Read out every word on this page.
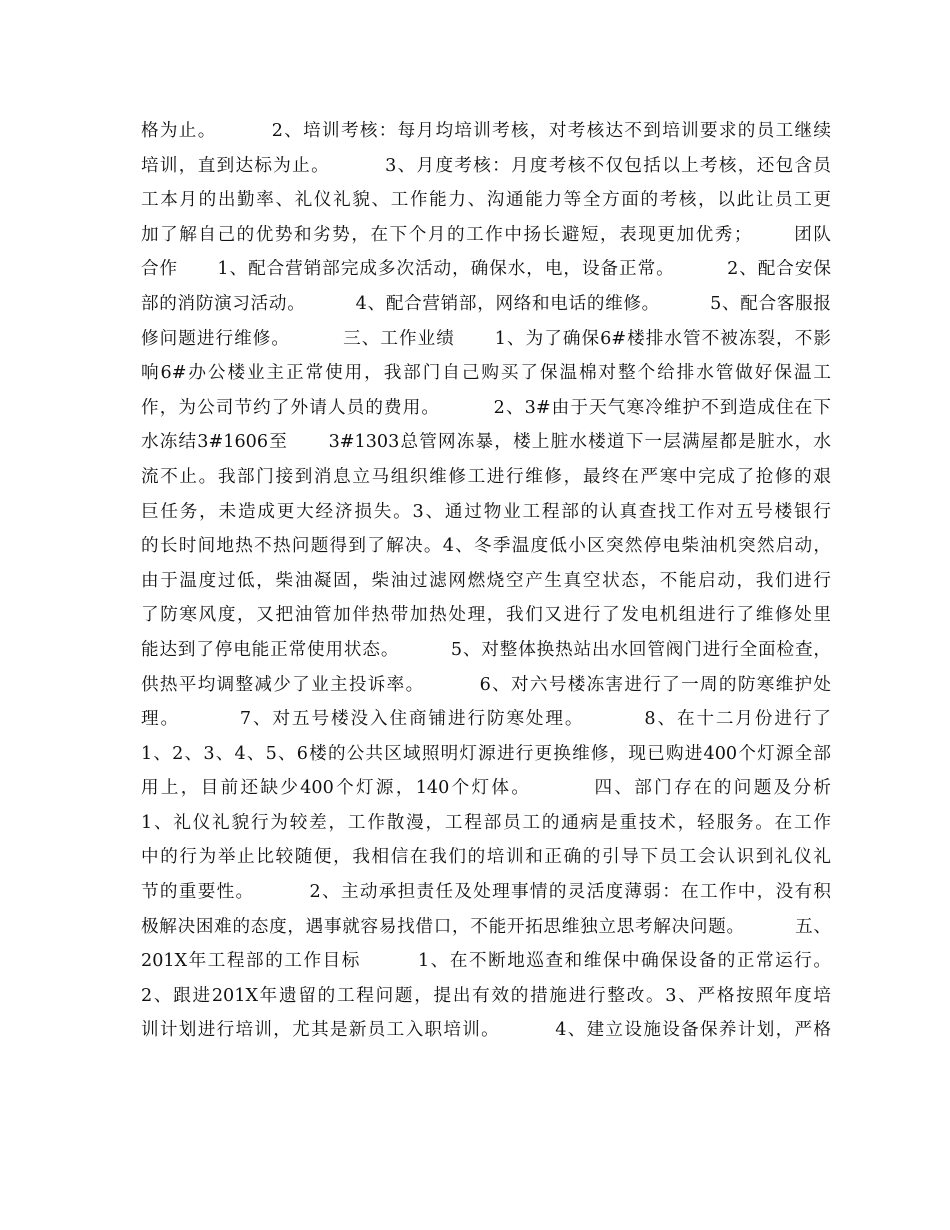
格为止。        2、培训考核：每月均培训考核，对考核达不到培训要求的员工继续
培训，直到达标为止。        3、月度考核：月度考核不仅包括以上考核，还包含员
工本月的出勤率、礼仪礼貌、工作能力、沟通能力等全方面的考核，以此让员工更
加了解自己的优势和劣势，在下个月的工作中扬长避短，表现更加优秀；      团队
合作      1、配合营销部完成多次活动，确保水，电，设备正常。        2、配合安保
部的消防演习活动。        4、配合营销部，网络和电话的维修。        5、配合客服报
修问题进行维修。        三、工作业绩      1、为了确保6#楼排水管不被冻裂，不影
响6#办公楼业主正常使用，我部门自己购买了保温棉对整个给排水管做好保温工
作，为公司节约了外请人员的费用。        2、3#由于天气寒冷维护不到造成住在下
水冻结3#1606至      3#1303总管网冻暴，楼上脏水楼道下一层满屋都是脏水，水
流不止。我部门接到消息立马组织维修工进行维修，最终在严寒中完成了抢修的艰
巨任务，未造成更大经济损失。3、通过物业工程部的认真查找工作对五号楼银行
的长时间地热不热问题得到了解决。4、冬季温度低小区突然停电柴油机突然启动，
由于温度过低，柴油凝固，柴油过滤网燃烧空产生真空状态，不能启动，我们进行
了防寒风度，又把油管加伴热带加热处理，我们又进行了发电机组进行了维修处里
能达到了停电能正常使用状态。        5、对整体换热站出水回管阀门进行全面检查，
供热平均调整减少了业主投诉率。        6、对六号楼冻害进行了一周的防寒维护处
理。        7、对五号楼没入住商铺进行防寒处理。        8、在十二月份进行了
1、2、3、4、5、6楼的公共区域照明灯源进行更换维修，现已购进400个灯源全部
用上，目前还缺少400个灯源，140个灯体。        四、部门存在的问题及分析
1、礼仪礼貌行为较差，工作散漫，工程部员工的通病是重技术，轻服务。在工作
中的行为举止比较随便，我相信在我们的培训和正确的引导下员工会认识到礼仪礼
节的重要性。        2、主动承担责任及处理事情的灵活度薄弱：在工作中，没有积
极解决困难的态度，遇事就容易找借口，不能开拓思维独立思考解决问题。        五、
201X年工程部的工作目标        1、在不断地巡查和维保中确保设备的正常运行。
2、跟进201X年遗留的工程问题，提出有效的措施进行整改。3、严格按照年度培
训计划进行培训，尤其是新员工入职培训。        4、建立设施设备保养计划，严格
